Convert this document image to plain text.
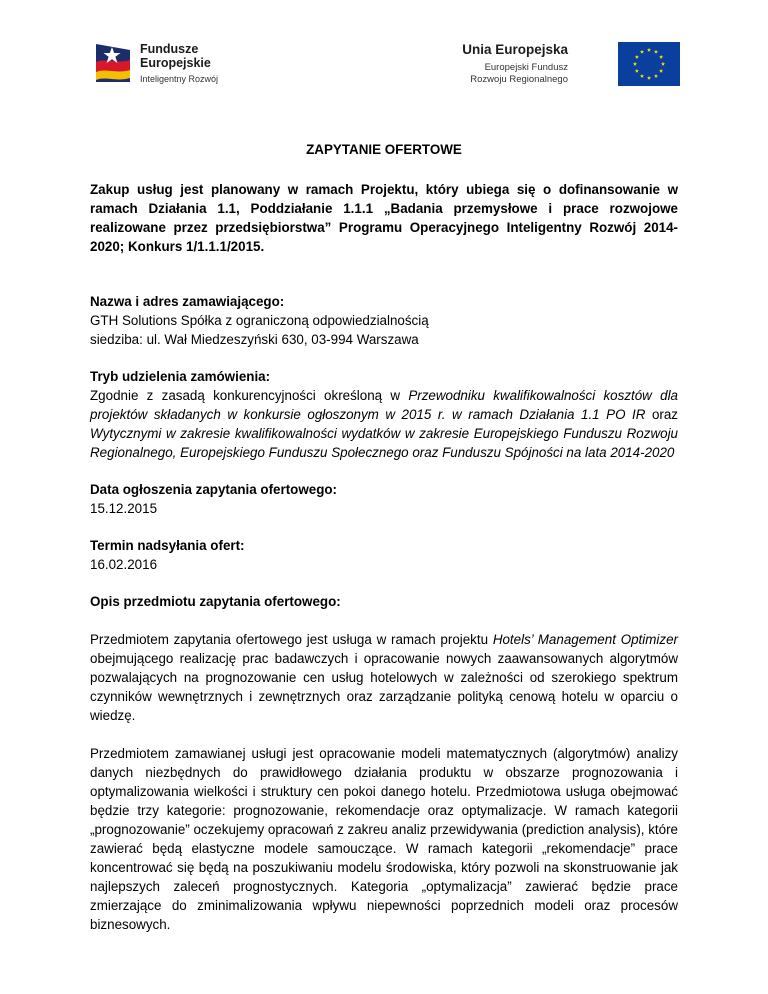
Fundusze
Europejskie
Inteligentny Rozwój
Unia Europejska
Europejski Fundusz
Rozwoju Regionalnego
ZAPYTANIE OFERTOWE

Zakup usług jest planowany w ramach Projektu, który ubiega się o dofinansowanie w ramach Działania 1.1, Poddziałanie 1.1.1 „Badania przemysłowe i prace rozwojowe realizowane przez przedsiębiorstwa” Programu Operacyjnego Inteligentny Rozwój 2014-2020; Konkurs 1/1.1.1/2015.

Nazwa i adres zamawiającego:
GTH Solutions Spółka z ograniczoną odpowiedzialnością
siedziba: ul. Wał Miedzeszyński 630, 03-994 Warszawa
Tryb udzielenia zamówienia:

Zgodnie z zasadą konkurencyjności określoną w Przewodniku kwalifikowalności kosztów dla projektów składanych w konkursie ogłoszonym w 2015 r. w ramach Działania 1.1 PO IR oraz Wytycznymi w zakresie kwalifikowalności wydatków w zakresie Europejskiego Funduszu Rozwoju Regionalnego, Europejskiego Funduszu Społecznego oraz Funduszu Spójności na lata 2014-2020

Data ogłoszenia zapytania ofertowego:
15.12.2015
Termin nadsyłania ofert:
16.02.2016
Opis przedmiotu zapytania ofertowego:

Przedmiotem zapytania ofertowego jest usługa w ramach projektu Hotels’ Management Optimizer obejmującego realizację prac badawczych i opracowanie nowych zaawansowanych algorytmów pozwalających na prognozowanie cen usług hotelowych w zależności od szerokiego spektrum czynników wewnętrznych i zewnętrznych oraz zarządzanie polityką cenową hotelu w oparciu o wiedzę.

Przedmiotem zamawianej usługi jest opracowanie modeli matematycznych (algorytmów) analizy danych niezbędnych do prawidłowego działania produktu w obszarze prognozowania i optymalizowania wielkości i struktury cen pokoi danego hotelu. Przedmiotowa usługa obejmować będzie trzy kategorie: prognozowanie, rekomendacje oraz optymalizacje. W ramach kategorii „prognozowanie” oczekujemy opracowań z zakreu analiz przewidywania (prediction analysis), które zawierać będą elastyczne modele samouczące. W ramach kategorii „rekomendacje” prace koncentrować się będą na poszukiwaniu modelu środowiska, który pozwoli na skonstruowanie jak najlepszych zaleceń prognostycznych. Kategoria „optymalizacja” zawierać będzie prace zmierzające do zminimalizowania wpływu niepewności poprzednich modeli oraz procesów biznesowych.
